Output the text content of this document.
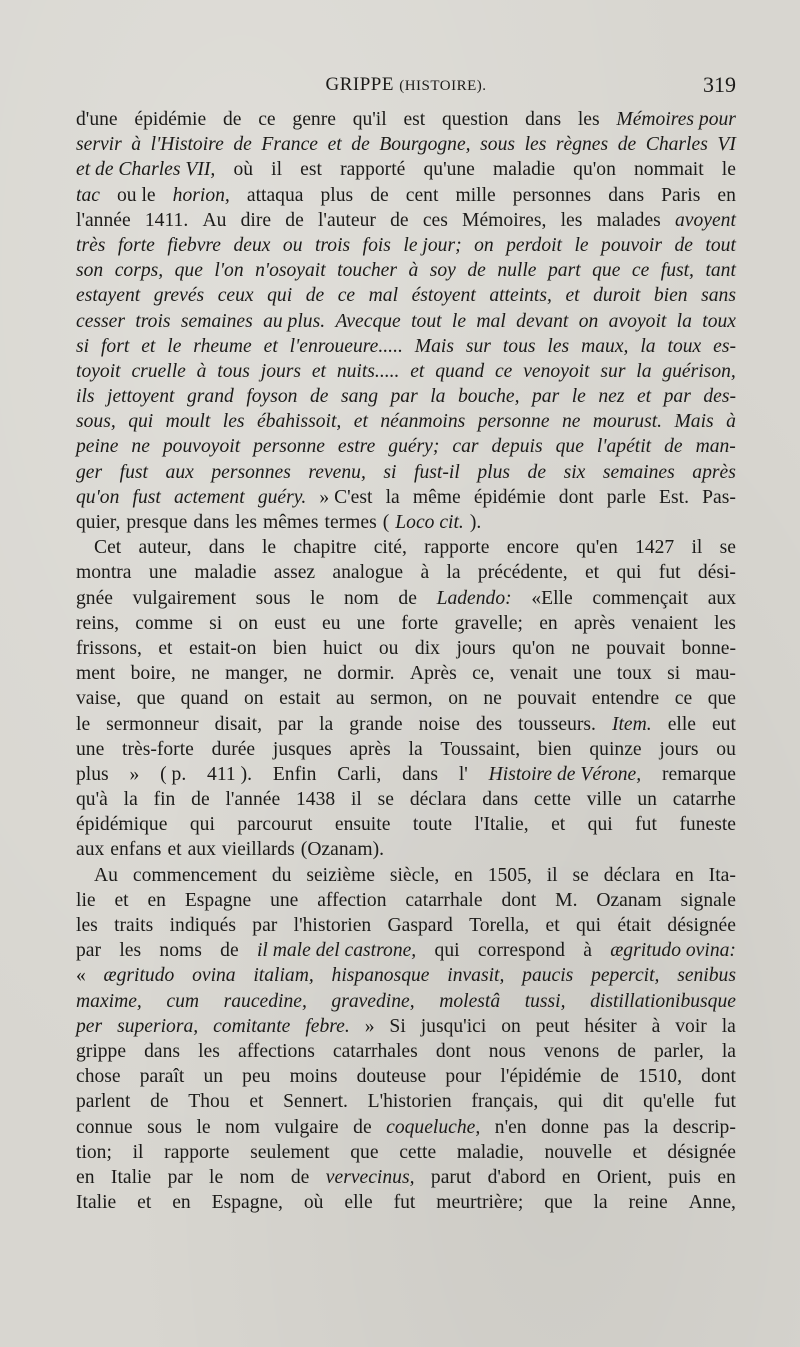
GRIPPE (HISTOIRE).	319
d'une épidémie de ce genre qu'il est question dans les Mémoires pour
servir à l'Histoire de France et de Bourgogne, sous les règnes de Charles VI
et de Charles VII, où il est rapporté qu'une maladie qu'on nommait le
tac ou le horion, attaqua plus de cent mille personnes dans Paris en
l'année 1411. Au dire de l'auteur de ces Mémoires, les malades avoyent
très forte fiebvre deux ou trois fois le jour; on perdoit le pouvoir de tout
son corps, que l'on n'osoyait toucher à soy de nulle part que ce fust, tant
estayent grevés ceux qui de ce mal éstoyent atteints, et duroit bien sans
cesser trois semaines au plus. Avecque tout le mal devant on avoyoit la toux
si fort et le rheume et l'enroueure..... Mais sur tous les maux, la toux es-
toyoit cruelle à tous jours et nuits..... et quand ce venoyoit sur la guérison,
ils jettoyent grand foyson de sang par la bouche, par le nez et par des-
sous, qui moult les ébahissoit, et néanmoins personne ne mourust. Mais à
peine ne pouvoyoit personne estre guéry; car depuis que l'apétit de man-
ger fust aux personnes revenu, si fust-il plus de six semaines après
qu'on fust actement guéry. » C'est la même épidémie dont parle Est. Pas-
quier, presque dans les mêmes termes ( Loco cit. ).
Cet auteur, dans le chapitre cité, rapporte encore qu'en 1427 il se
montra une maladie assez analogue à la précédente, et qui fut dési-
gnée vulgairement sous le nom de Ladendo: «Elle commençait aux
reins, comme si on eust eu une forte gravelle; en après venaient les
frissons, et estait-on bien huict ou dix jours qu'on ne pouvait bonne-
ment boire, ne manger, ne dormir. Après ce, venait une toux si mau-
vaise, que quand on estait au sermon, on ne pouvait entendre ce que
le sermonneur disait, par la grande noise des tousseurs. Item. elle eut
une très-forte durée jusques après la Toussaint, bien quinze jours ou
plus » ( p. 411 ). Enfin Carli, dans l' Histoire de Vérone, remarque
qu'à la fin de l'année 1438 il se déclara dans cette ville un catarrhe
épidémique qui parcourut ensuite toute l'Italie, et qui fut funeste
aux enfans et aux vieillards (Ozanam).
Au commencement du seizième siècle, en 1505, il se déclara en Ita-
lie et en Espagne une affection catarrhale dont M. Ozanam signale
les traits indiqués par l'historien Gaspard Torella, et qui était désignée
par les noms de il male del castrone, qui correspond à ægritudo ovina:
« ægritudo ovina italiam, hispanosque invasit, paucis pepercit, senibus
maxime, cum raucedine, gravedine, molestâ tussi, distillationibusque
per superiora, comitante febre. » Si jusqu'ici on peut hésiter à voir la
grippe dans les affections catarrhales dont nous venons de parler, la
chose paraît un peu moins douteuse pour l'épidémie de 1510, dont
parlent de Thou et Sennert. L'historien français, qui dit qu'elle fut
connue sous le nom vulgaire de coqueluche, n'en donne pas la descrip-
tion; il rapporte seulement que cette maladie, nouvelle et désignée
en Italie par le nom de vervecinus, parut d'abord en Orient, puis en
Italie et en Espagne, où elle fut meurtrière; que la reine Anne,
